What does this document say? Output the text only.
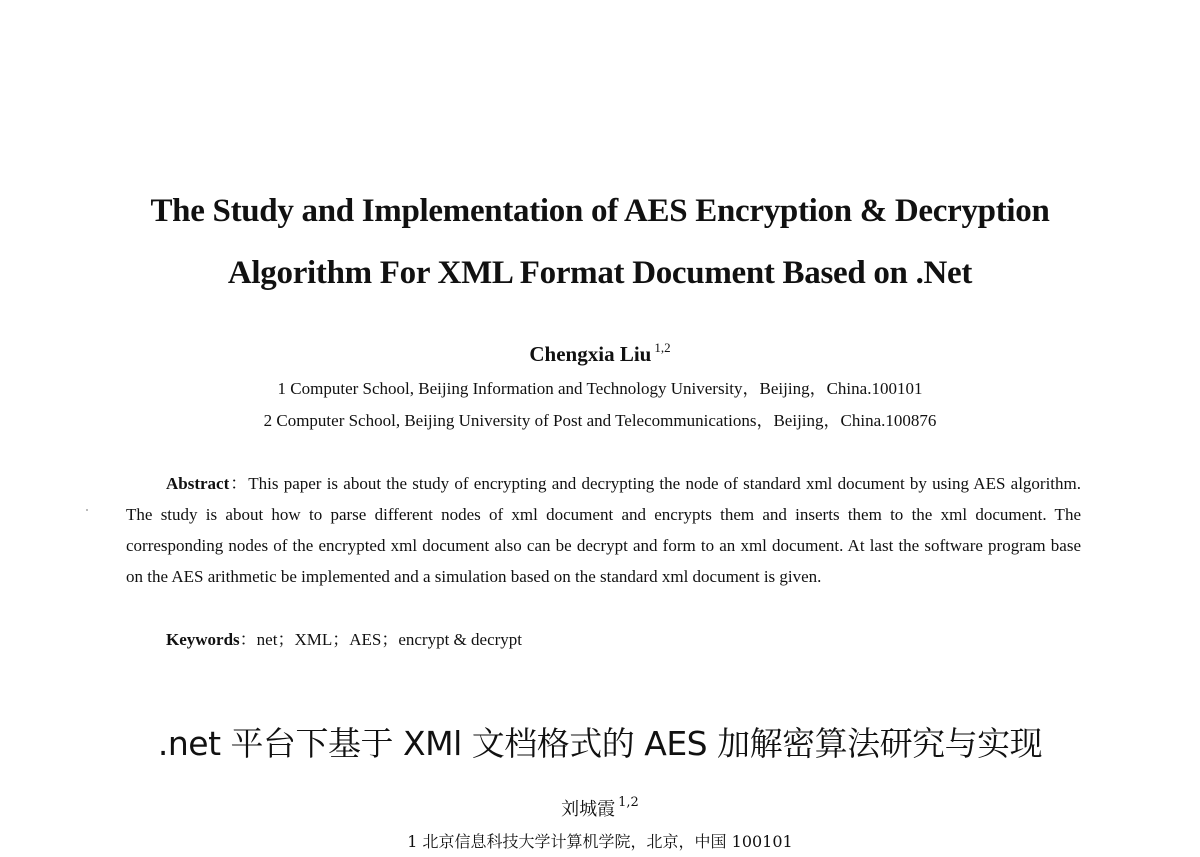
The Study and Implementation of AES Encryption & Decryption
Algorithm For XML Format Document Based on .Net
Chengxia Liu $^{1,2}$
1 Computer School, Beijing Information and Technology University，Beijing，China.100101
2 Computer School, Beijing University of Post and Telecommunications，Beijing，China.100876

Abstract：This paper is about the study of encrypting and decrypting the node of standard xml document by using AES algorithm. The study is about how to parse different nodes of xml document and encrypts them and inserts them to the xml document. The corresponding nodes of the encrypted xml document also can be decrypt and form to an xml document. At last the software program base on the AES arithmetic be implemented and a simulation based on the standard xml document is given.

Keywords：net；XML；AES；encrypt & decrypt
.net 平台下基于 XMl 文档格式的 AES 加解密算法研究与实现
刘城霞 $^{1,2}$
1 北京信息科技大学计算机学院，北京，中国 100101
